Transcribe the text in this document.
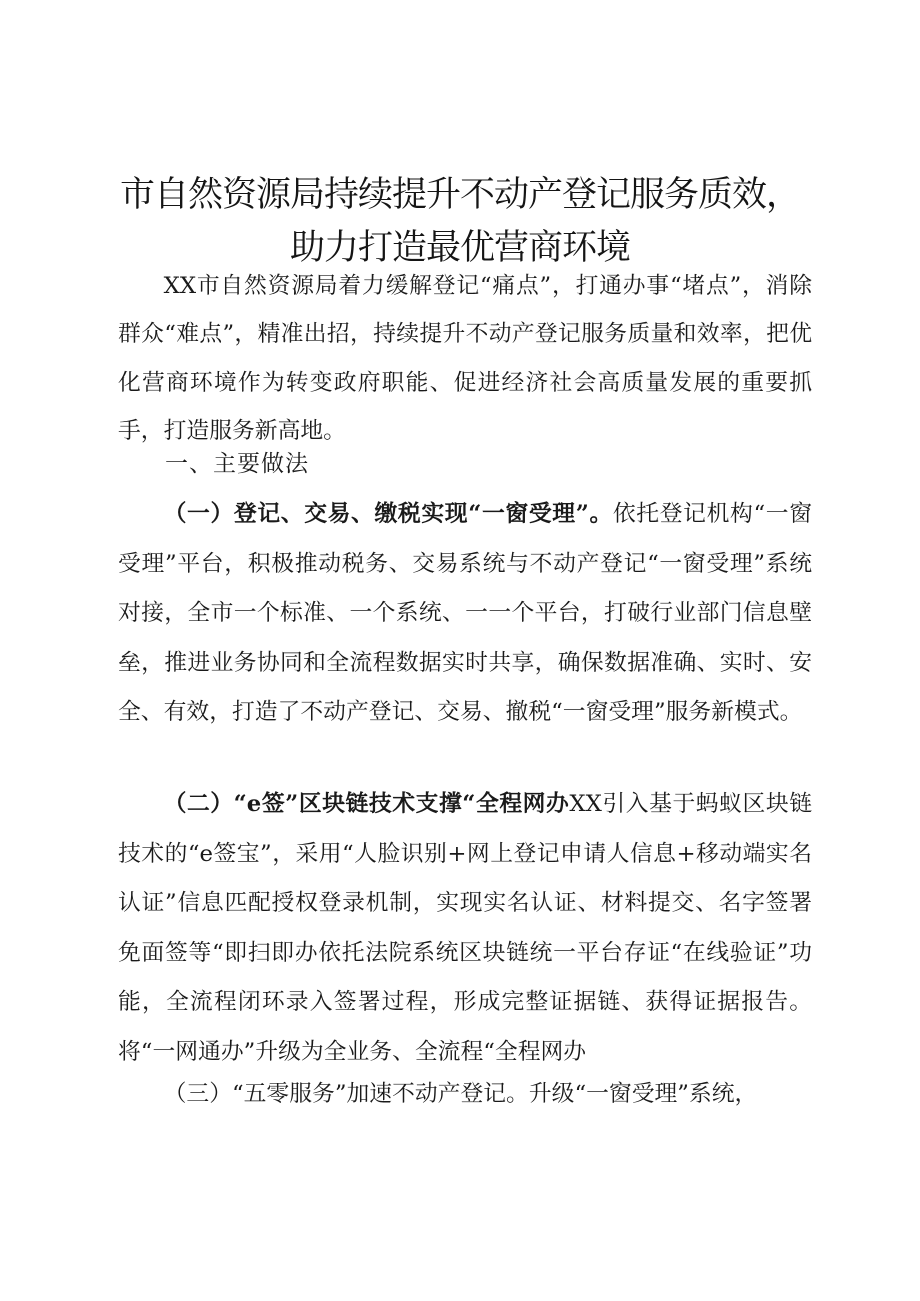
市自然资源局持续提升不动产登记服务质效，
助力打造最优营商环境

XX市自然资源局着力缓解登记“痛点”，打通办事“堵点”，消除群众“难点”，精准出招，持续提升不动产登记服务质量和效率，把优化营商环境作为转变政府职能、促进经济社会高质量发展的重要抓手，打造服务新高地。

一、主要做法

（一）登记、交易、缴税实现“一窗受理”。依托登记机构“一窗受理”平台，积极推动税务、交易系统与不动产登记“一窗受理”系统对接，全市一个标准、一个系统、一一个平台，打破行业部门信息壁垒，推进业务协同和全流程数据实时共享，确保数据准确、实时、安全、有效，打造了不动产登记、交易、撤税“一窗受理”服务新模式。

（二）“e签”区块链技术支撑“全程网办XX引入基于蚂蚁区块链技术的“e签宝”，采用“人脸识别+网上登记申请人信息+移动端实名认证”信息匹配授权登录机制，实现实名认证、材料提交、名字签署免面签等“即扫即办依托法院系统区块链统一平台存证“在线验证”功能，全流程闭环录入签署过程，形成完整证据链、获得证据报告。将“一网通办”升级为全业务、全流程“全程网办

（三）“五零服务”加速不动产登记。升级“一窗受理”系统，
